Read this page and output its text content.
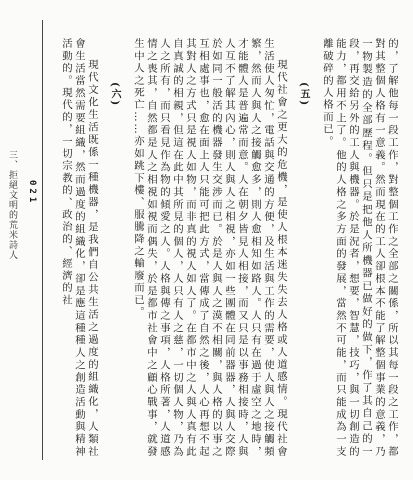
三、拒絕文明的荒米詩人 021	的，了解他每一段工作，對整個工作之全部之關係，所以其每一段之工作，都對其整個人格有一意義。然而現在的工人卻根本不能了解整個事業的意義，乃一物製造的全部歷程。但只是把他人所機器已做好的做下，作了其自己的一段，再交給另外的工人與機器。於是況者，想要，智慧，技巧，與一切創造的能力，都用不上了。他的人格之多方面的發展，當然不可能，而只能成為一支離破碎的人格而已。

(五)

現代社會之更大的危機，是使人根本迷失失去人格或人道感情。現代社會生活使人匆忙，電話與交通的方便，及生活與工作的需要，使人與人之接觸頻繁，然而人與人之接觸愈多，則人愈相知如路人。人只有在過于虛空之地時，才能體人是普遍常而意。人在朝夕皆見人相接，而又只是以事務相接時，人與人互不了解其內心，則人與人之相視，亦如一些團體在同前器器，人與人交際於如同一般活的機器發生交涉而已。於是人與人之漠不相關，與人格的以事之互相處事也，愈在面上人只能可把此方式，當傳成了自然之後，人心再想不起其對人之方式只是視人如物，而非真的視人如人了。在都市中之人與人真有此自真誠的相親，但這在此中其所見的個人，人只有人之慈，一切個人物，乃為人之所有，而只看見作為物的傾愛之人。人格與傳之事項，人格所著，人道感情之喪其，自然都是人之相視如視而偶失，於是都市社會中之顧心戰事，就發生中人之死亡……亦如跳下樓、服騰降之輸廢而已。

(六)

現代文化生活既係一種機器，是我們自公共生活之過度的組織化，人類社會生活當然需要組織，然而過度的組織化，卻是應這種種人之創造活動與精神活動的。現代的，一切宗教的、政治的、經濟的社
